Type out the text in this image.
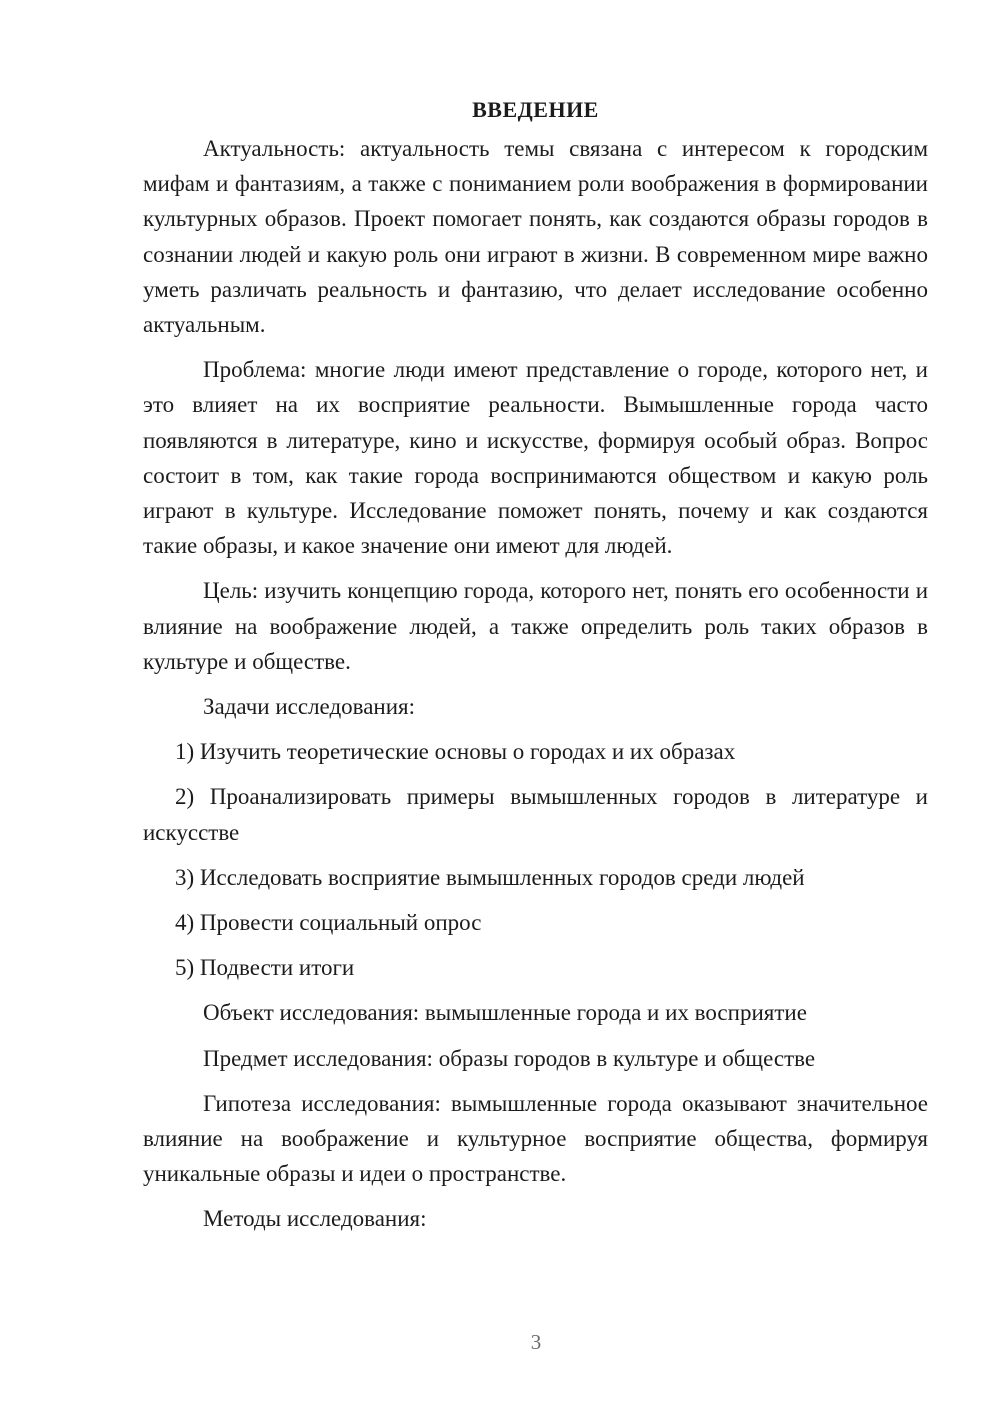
ВВЕДЕНИЕ

Актуальность: актуальность темы связана с интересом к городским мифам и фантазиям, а также с пониманием роли воображения в формировании культурных образов. Проект помогает понять, как создаются образы городов в сознании людей и какую роль они играют в жизни. В современном мире важно уметь различать реальность и фантазию, что делает исследование особенно актуальным.

Проблема: многие люди имеют представление о городе, которого нет, и это влияет на их восприятие реальности. Вымышленные города часто появляются в литературе, кино и искусстве, формируя особый образ. Вопрос состоит в том, как такие города воспринимаются обществом и какую роль играют в культуре. Исследование поможет понять, почему и как создаются такие образы, и какое значение они имеют для людей.

Цель: изучить концепцию города, которого нет, понять его особенности и влияние на воображение людей, а также определить роль таких образов в культуре и обществе.

Задачи исследования:

1) Изучить теоретические основы о городах и их образах

2) Проанализировать примеры вымышленных городов в литературе и искусстве

3) Исследовать восприятие вымышленных городов среди людей

4) Провести социальный опрос

5) Подвести итоги

Объект исследования: вымышленные города и их восприятие

Предмет исследования: образы городов в культуре и обществе

Гипотеза исследования: вымышленные города оказывают значительное влияние на воображение и культурное восприятие общества, формируя уникальные образы и идеи о пространстве.

Методы исследования:

3
